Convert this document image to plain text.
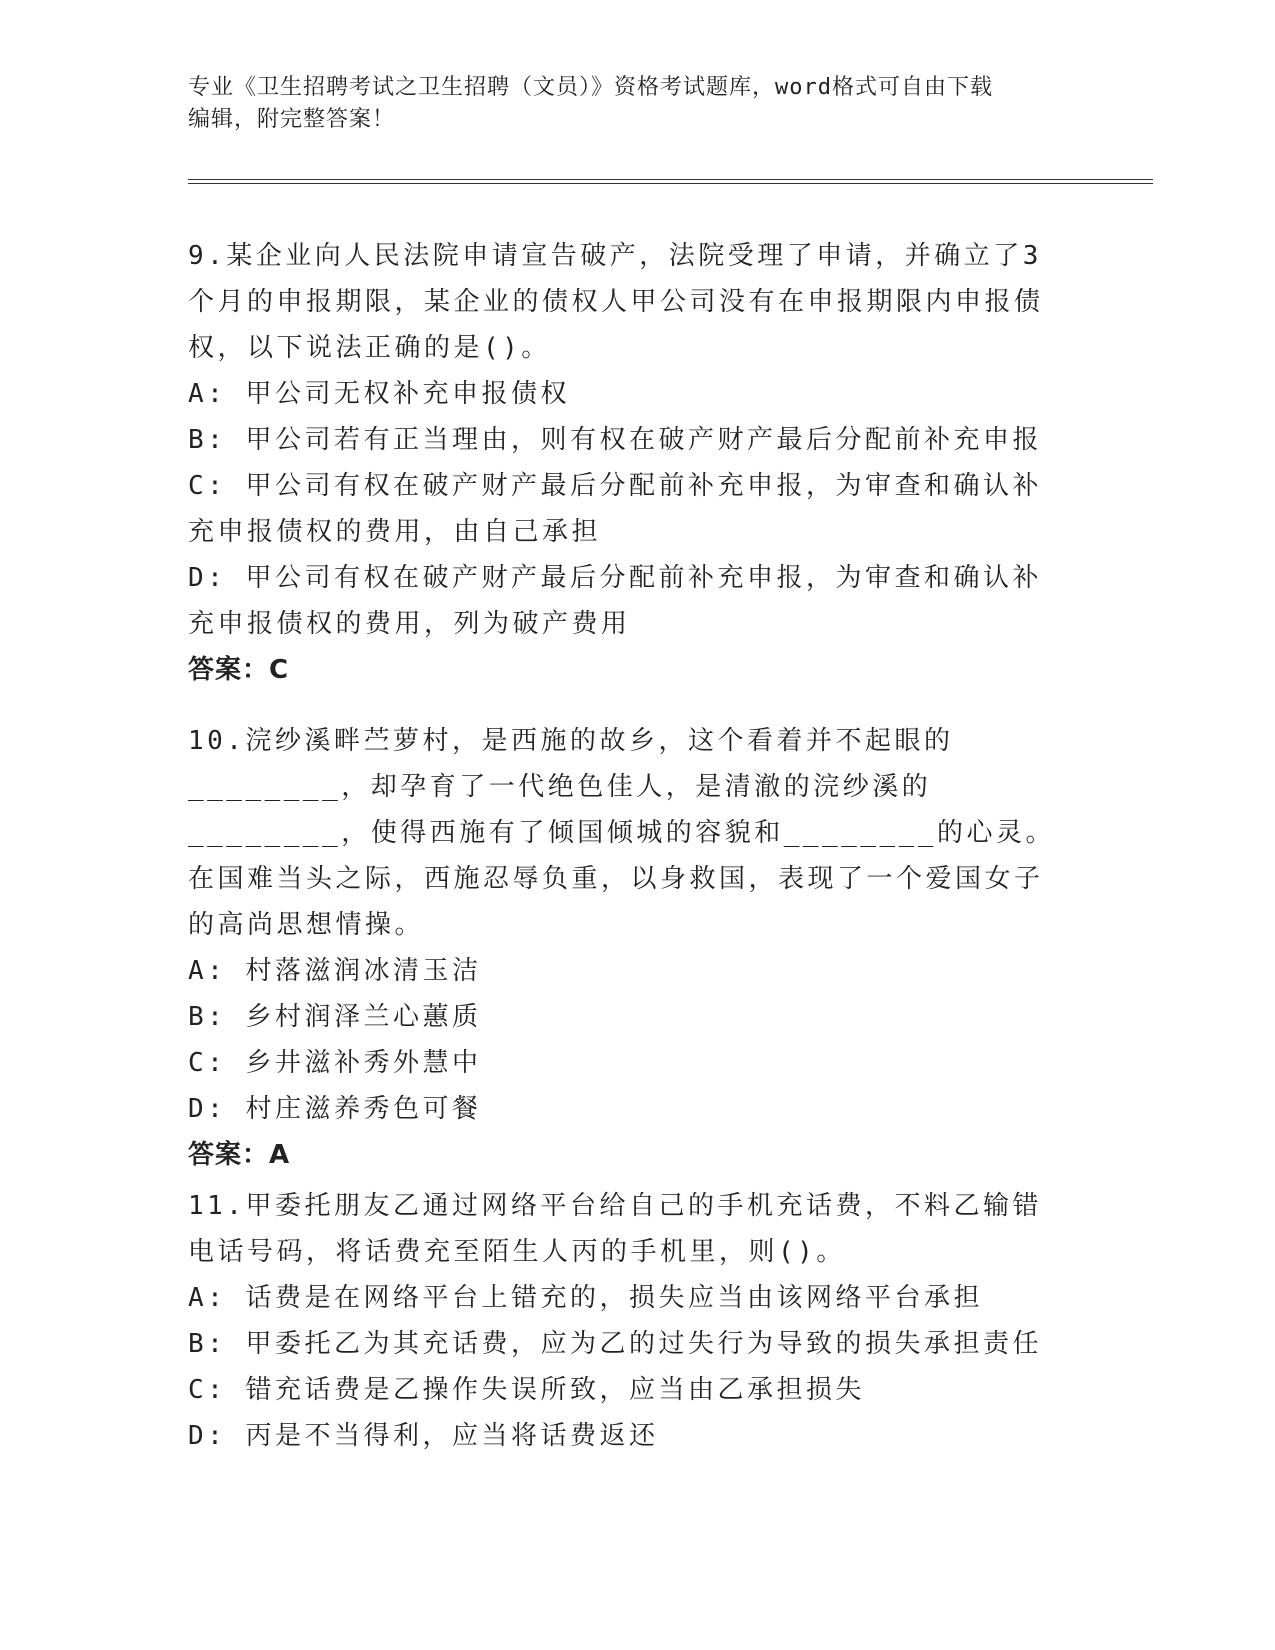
专业《卫生招聘考试之卫生招聘（文员）》资格考试题库，word格式可自由下载
编辑，附完整答案！
9.某企业向人民法院申请宣告破产，法院受理了申请，并确立了3个月的申报期限，某企业的债权人甲公司没有在申报期限内申报债权，以下说法正确的是()。
A: 甲公司无权补充申报债权
B: 甲公司若有正当理由，则有权在破产财产最后分配前补充申报
C: 甲公司有权在破产财产最后分配前补充申报，为审查和确认补充申报债权的费用，由自己承担
D: 甲公司有权在破产财产最后分配前补充申报，为审查和确认补充申报债权的费用，列为破产费用
答案：C
10.浣纱溪畔苎萝村，是西施的故乡，这个看着并不起眼的________，却孕育了一代绝色佳人，是清澈的浣纱溪的________，使得西施有了倾国倾城的容貌和________的心灵。在国难当头之际，西施忍辱负重，以身救国，表现了一个爱国女子的高尚思想情操。
A: 村落滋润冰清玉洁
B: 乡村润泽兰心蕙质
C: 乡井滋补秀外慧中
D: 村庄滋养秀色可餐
答案：A
11.甲委托朋友乙通过网络平台给自己的手机充话费，不料乙输错电话号码，将话费充至陌生人丙的手机里，则()。
A: 话费是在网络平台上错充的，损失应当由该网络平台承担
B: 甲委托乙为其充话费，应为乙的过失行为导致的损失承担责任
C: 错充话费是乙操作失误所致，应当由乙承担损失
D: 丙是不当得利，应当将话费返还
